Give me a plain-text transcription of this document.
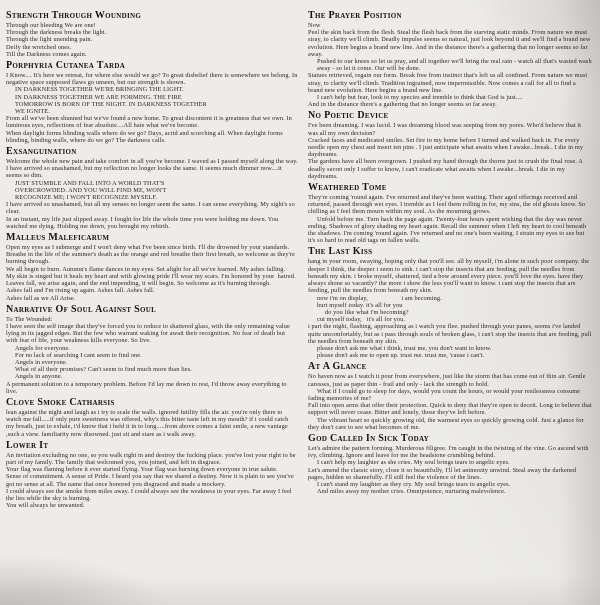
Strength Through Wounding

Through our bleeding We are one!

Through the darkness breaks the light.

Through the light unending pain.

Deify the wretched ones.

Till the Darkness comes again.

Porphyria Cutanea Tarda

I Know.... It's here we retreat, for where else would we go? To great disbelief there is somewhere we belong. In negative space supposed flaws go unseen, but our strength is shown.

IN DARKNESS TOGETHER WE'RE BRINGING THE LIGHT.

IN DARKNESS TOGETHER WE ARE FORMING. THE FIRE

TOMORROW IS BORN OF THE NIGHT. IN DARKNESS TOGETHER

WE IGNITE.

From all we've been shunned but we've found a new home. To great discontent it is greatness that we own. In luminous eyes, reflections of fear absolute....All hate what we've become.

When daylight forms blinding walls where do we go? Days, acrid and scorching all. When daylight forms blinding, binding walls, where do we go? The darkness calls.

Exsanguination

Welcome the whole new pain and take comfort in all you've become. I waved as I passed myself along the way. I have arrived so unashamed, but my reflection no longer looks the same. It seems much dimmer now....it seems so dim.

JUST STUMBLE AND FALL INTO A WORLD THAT'S

OVERCROWDED. AND YOU WILL FIND ME, WON'T

RECOGNIZE ME; I WON'T RECOGNIZE MYSELF.

I have arrived so unashamed, but all my senses no longer seem the same. I can sense everything. My sight's so clear.

In an instant, my life just slipped away. I fought for life the whole time you were holding me down. You watched me dying. Holding me down, you brought my rebirth.

Malleus Maleficarum

Open my eyes as I submerge and I won't deny what I've been since birth. I'll die drowned by your standards.

Breathe in the life of the summer's death as the orange and red breathe their first breath, so welcome as they're burning through.

We all begin to burn. Autumn's flame dances in my eyes. Set alight for all we've learned. My ashes falling.

My skin is singed but it heals my heart and with glowing pride I'll wear my scars. I'm honored by your  hatred.

Leaves fall, we arise again, and the end impending, it will begin. So welcome as it's burning through.

Ashes fall and I'm rising up again. Ashes fall. Ashes fall.

Ashes fall as we All Arise.

Narrative Of Soul Against Soul

To The Wounded:

I have seen the self image that they've forced you to reduce to shattered glass, with the only remaining value lying in its jagged edges. But the few who warrant waking for await their recognition. No fear of death but with fear of life, your weakness kills everyone. So live.

Angels for everyone.

For no lack of searching I cant seem to find one.

Angels in everyone.

What of all their promises? Can't seem to find much more than lies.

Angels in anyone.

A permanent solution to a temporary problem. Before I'd lay me down to rest, I'd throw away everything to live.

Clove Smoke Catharsis

lean against the night and laugh as i try to scale the walls. ignored futility fills the air. you're only there to watch me fall.....if only pure sweetness was offered, why's this bitter taste left in my mouth? if i could catch my breath, just to exhale, i'd know that i held it in to long.....from above comes a faint smile, a new vantage ,such a view. familiarity now disowned. just sit and stare as i walk away.

Lower It

An invitation excluding no one, so you walk right in and destroy the fucking place. you've lost your right to be part of my family. The family that welcomed you, you joined, and left in disgrace.

Your flag was flaming before it ever started flying. Your flag was burning down everyone in true salute.

Sense of commitment. A sense of Pride. I heard you say that we shared a destiny. Now it is plain to see you've got no sense at all. The name that once honored you disgraced and made a mockery.

I could always see the smoke from miles away. I could always see the weakness in your eyes. Far away I feel the lies while the sky is burning.

You will always be unwanted.

The Prayer Position

Now

Peel the skin back from the flesh. Steal the flesh back from the starving static minds. From nature we must stray, to clarity we'll climb. Deadly impulse seems so natural, just look beyond it and we'll find a brand new evolution. Here begins a brand new line. And in the distance there's a gathering that no longer seems so far away.

Pushed to our knees so let us pray, and all together we'll bring the real rain - watch all that's wasted wash away - so let it come. Our will be done.

Statues retrieved, regain our form. Break free from instinct that's left us all confined. From nature we must stray, to clarity we'll climb. Tradition ingrained, now impermissible. Now comes a call for all to find a brand new evolution. Here begins a brand new line.

I can't help but fear, look to my species and tremble to think that God is just....

And in the distance there's a gathering that no longer seems so far away.

No Poetic Device

I've been dreaming. I was lucid. I was dreaming blood was seeping from my pores. Who'd believe that it was all my own decision?

Cracked faces and medicated smiles. Set fire to my home before I turned and walked back in. For every needle open my chest and insert ten pins . I just anticipate what awaits when I awake...break.. I die in my daydreams.

The gardens have all been overgrown. I pushed my hand through the thorns just to crush the final rose. A deadly secret only I suffer to know, i can't eradicate what awaits when I awake...break. I die in my daydreams.

Weathered Tome

They're coming 'round again. I've returned and they've been waiting. Their aged offerings received and returned, passed through wet eyes. I tremble as I feel them rolling in for, my sins, the old ghosts know. So chilling as I feel them mourn within my soul. As the mourning grows.

Unfold before me. Turn back the page again. Twenty-four hours spent wishing that the day was never ending. Shadows of glory shading my heart again. Recall the summer when I left my heart to cool beneath the shadows. I'm coming 'round again. I've returned and no one's been waiting. I strain my eyes to see but it's so hard to read old tags on fallen walls.

The Last Kiss

hang in your room, swaying, hoping only that you'll see. all by myself, i'm alone in such poor company. the deeper I think, the deeper i seem to sink. i can't stop the insects that are feeding, pull the needles from beneath my skin. i broke myself, shattered, tied a bow around every piece. you'll love the eyes. have they always shone so vacantly? the more i show the less you'll want to know. i cant stop the insects that are feeding, pull the needles from beneath my skin.

now i'm on display,                    i am becoming.

hurt myself today. it's all for you

do you like what i'm becoming?

cut myself today,   it's all for you.

i part the night, flashing, approaching as i watch you flee. pushed through your panes, seems i've landed quite uncomfortably, but as i pass through souls of broken glass, i can't stop the insects that are feeding, pull the needles from beneath my skin.

please don't ask me what i think, trust me, you don't want to know.

please don't ask me to open up. trust me. trust me, 'cause i can't.

At A Glance

No haven now as I watch it pour from everywhere, just like the storm that has come out of thin air. Gentle caresses, just as paper thin - frail and only - lack the strength to hold.

What if I could go to sleep for days, would you count the hours, or would your restlessness consume fading memories of me?

Fall into open arms that offer their protection. Quick to deny that they're open to deceit. Long to believe that support will never cease. Bitter and lonely, those they've left before.

The vibrant heart so quickly growing old, the warmest eyes so quickly growing cold. Just a glance for they don't care to see what becomes of me.

God Called In Sick Today

Let's admire the pattern forming. Murderous filigree. I'm caught in the twisting of the vine. Go ascend with ivy, climbing. Ignore and leave for me the headstone crumbling behind.

I can't help my laughter as she cries. My soul brings tears to angelic eyes.

Let's amend the classic story, close it so beautifully, I'll let animosity unwind. Steal away the darkened pages, hidden so shamefully. I'll still feel the violence of the lines.

I can't stand my laughter as they cry. My soul brings tears to angelic eyes.

And miles away my mother cries. Omnipotence, nurturing malevolence.
